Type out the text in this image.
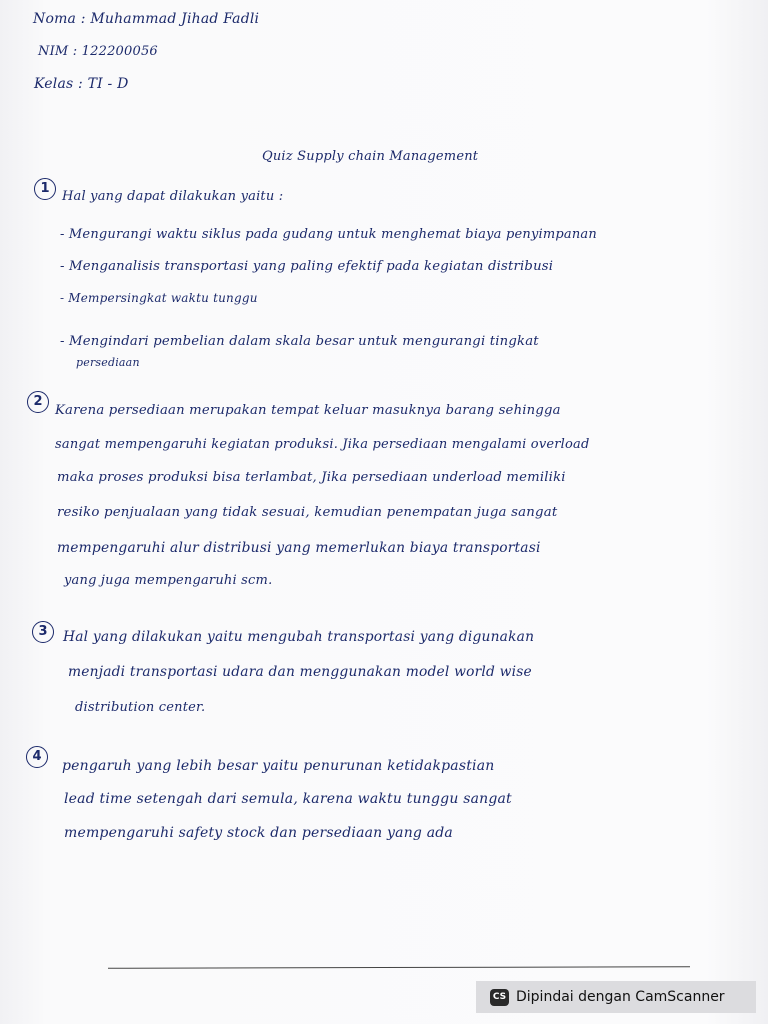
Noma : Muhammad Jihad Fadli
NIM : 122200056
Kelas : TI - D
Quiz Supply chain Management
1
Hal yang dapat dilakukan yaitu :
- Mengurangi waktu siklus pada gudang untuk menghemat biaya penyimpanan
- Menganalisis transportasi yang paling efektif pada kegiatan distribusi
- Mempersingkat waktu tunggu
- Mengindari pembelian dalam skala besar untuk mengurangi tingkat
persediaan
2
Karena persediaan merupakan tempat keluar masuknya barang sehingga
sangat mempengaruhi kegiatan produksi. Jika persediaan mengalami overload
maka proses produksi bisa terlambat, Jika persediaan underload memiliki
resiko penjualaan yang tidak sesuai, kemudian penempatan juga sangat
mempengaruhi alur distribusi yang memerlukan biaya transportasi
yang juga mempengaruhi scm.
3	Hal yang dilakukan yaitu mengubah transportasi yang digunakan
menjadi transportasi udara dan menggunakan model world wise
distribution center.
4
pengaruh yang lebih besar yaitu penurunan ketidakpastian
lead time setengah dari semula, karena waktu tunggu sangat
mempengaruhi safety stock dan persediaan yang ada
CS Dipindai dengan CamScanner
